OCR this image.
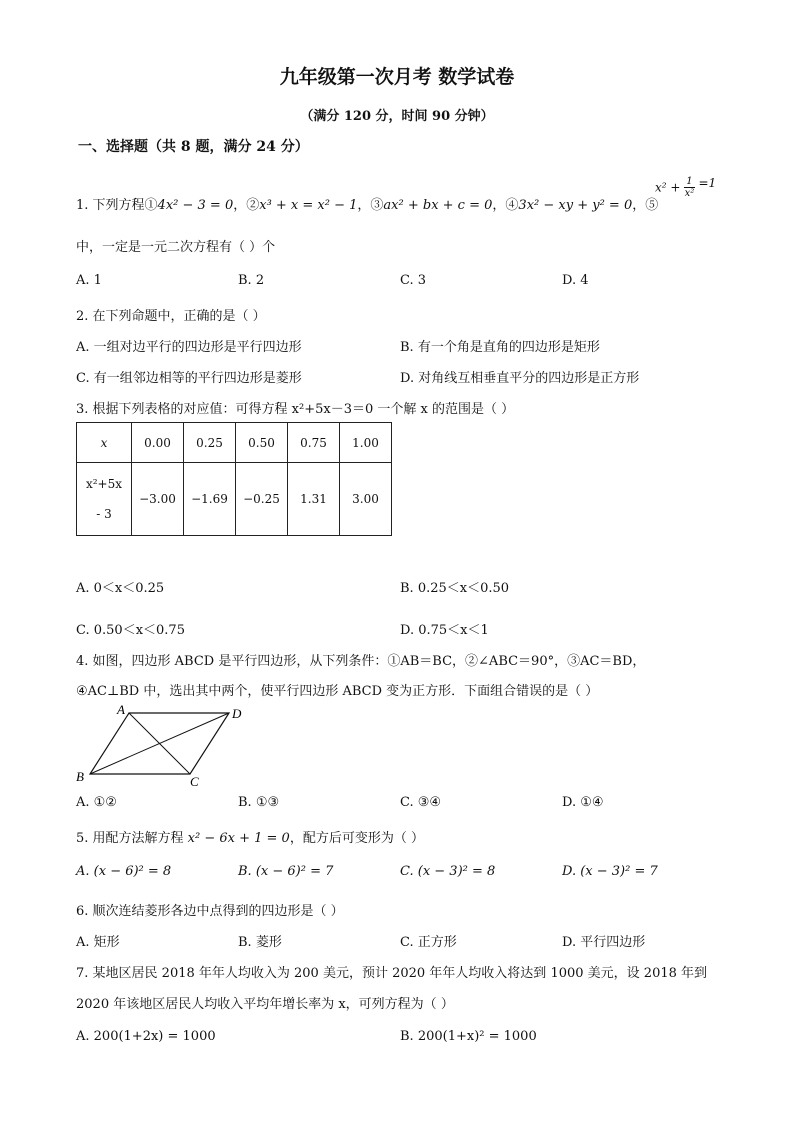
九年级第一次月考 数学试卷
（满分 120 分，时间 90 分钟）
一、选择题（共 8 题，满分 24 分）
1. 下列方程①4x² − 3 = 0，②x³ + x = x² − 1，③ax² + bx + c = 0，④3x² − xy + y² = 0，⑤
$x^2 + \frac{1}{\text{x²}} =1$
中，一定是一元二次方程有（ ）个
A. 1	B. 2	C. 3	D. 4
2. 在下列命题中，正确的是（ ）
A. 一组对边平行的四边形是平行四边形	B. 有一个角是直角的四边形是矩形
C. 有一组邻边相等的平行四边形是菱形	D. 对角线互相垂直平分的四边形是正方形
3. 根据下列表格的对应值：可得方程 x²+5x－3＝0 一个解 x 的范围是（ ）
x	0.00	0.25	0.50	0.75	1.00

x²+5x
- 3	−3.00	−1.69	−0.25	1.31	3.00
A. 0＜x＜0.25	B. 0.25＜x＜0.50
C. 0.50＜x＜0.75	D. 0.75＜x＜1
4. 如图，四边形 ABCD 是平行四边形，从下列条件：①AB＝BC，②∠ABC＝90°，③AC＝BD，
④AC⊥BD 中，选出其中两个，使平行四边形 ABCD 变为正方形．下面组合错误的是（ ）
A	D
B	C
A. ①②	B. ①③	C. ③④	D. ①④
5. 用配方法解方程 x² − 6x + 1 = 0，配方后可变形为（ ）
A. (x − 6)² = 8	B. (x − 6)² = 7	C. (x − 3)² = 8	D. (x − 3)² = 7
6. 顺次连结菱形各边中点得到的四边形是（ ）
A. 矩形	B. 菱形	C. 正方形	D. 平行四边形
7. 某地区居民 2018 年年人均收入为 200 美元，预计 2020 年年人均收入将达到 1000 美元，设 2018 年到
2020 年该地区居民人均收入平均年增长率为 x，可列方程为（ ）
A. 200(1+2x) = 1000	B. 200(1+x)² = 1000
